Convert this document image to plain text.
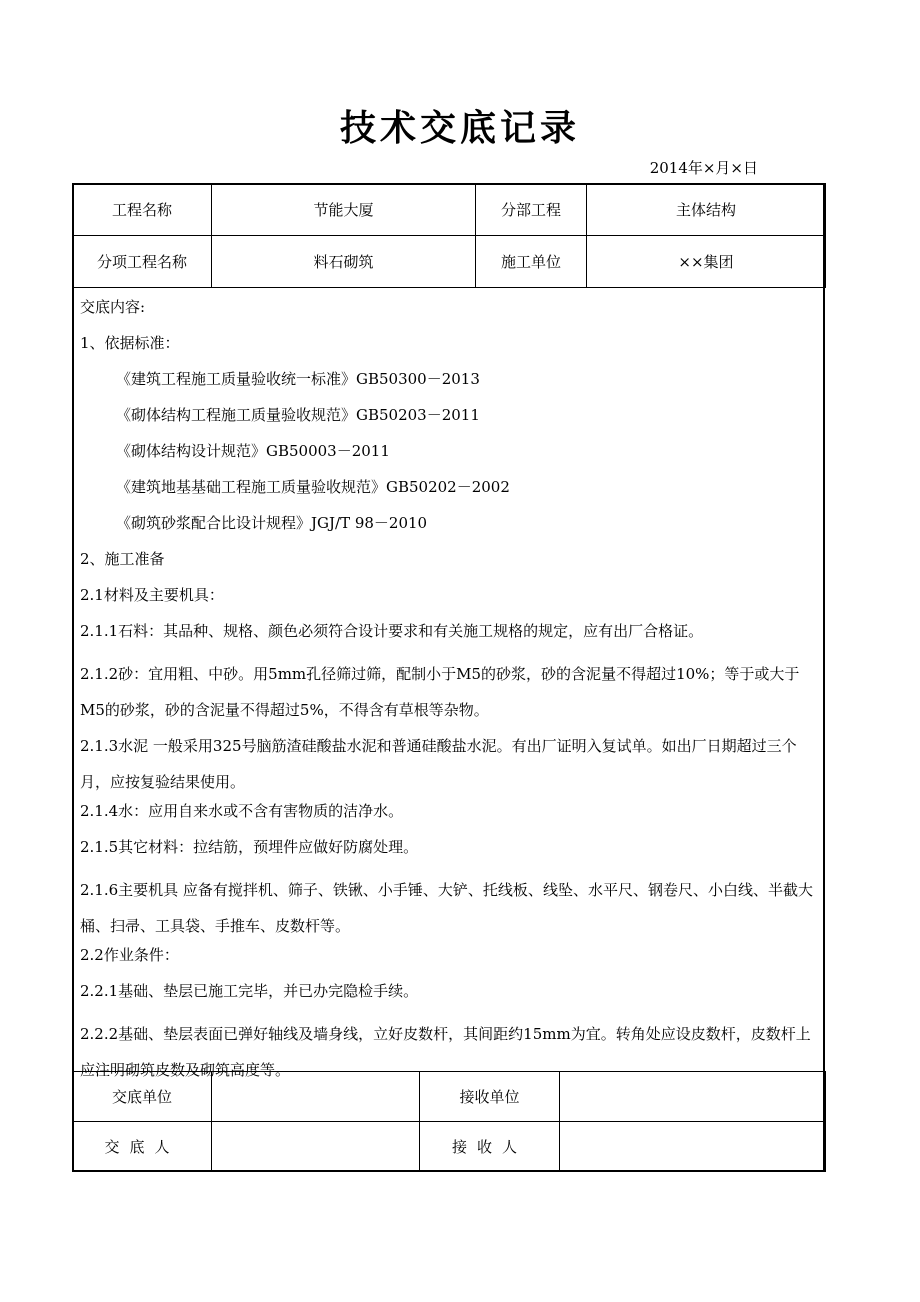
技术交底记录
2014年×月×日
工程名称	节能大厦	分部工程	主体结构
分项工程名称	料石砌筑	施工单位	××集团
交底内容:
1、依据标准：
《建筑工程施工质量验收统一标准》GB50300－2013
《砌体结构工程施工质量验收规范》GB50203－2011
《砌体结构设计规范》GB50003－2011
《建筑地基基础工程施工质量验收规范》GB50202－2002
《砌筑砂浆配合比设计规程》JGJ/T 98－2010
2、施工准备
2.1材料及主要机具：
2.1.1石料：其品种、规格、颜色必须符合设计要求和有关施工规格的规定，应有出厂合格证。
2.1.2砂：宜用粗、中砂。用5mm孔径筛过筛，配制小于M5的砂浆，砂的含泥量不得超过10%；等于或大于M5的砂浆，砂的含泥量不得超过5%，不得含有草根等杂物。
2.1.3水泥 一般采用325号脑筋渣硅酸盐水泥和普通硅酸盐水泥。有出厂证明入复试单。如出厂日期超过三个月，应按复验结果使用。
2.1.4水：应用自来水或不含有害物质的洁净水。
2.1.5其它材料：拉结筋，预埋件应做好防腐处理。
2.1.6主要机具 应备有搅拌机、筛子、铁锹、小手锤、大铲、托线板、线坠、水平尺、钢卷尺、小白线、半截大桶、扫帚、工具袋、手推车、皮数杆等。
2.2作业条件：
2.2.1基础、垫层已施工完毕，并已办完隐检手续。
2.2.2基础、垫层表面已弹好轴线及墙身线，立好皮数杆，其间距约15mm为宜。转角处应设皮数杆，皮数杆上应注明砌筑皮数及砌筑高度等。
交底单位		接收单位	
交底人		接收人	
